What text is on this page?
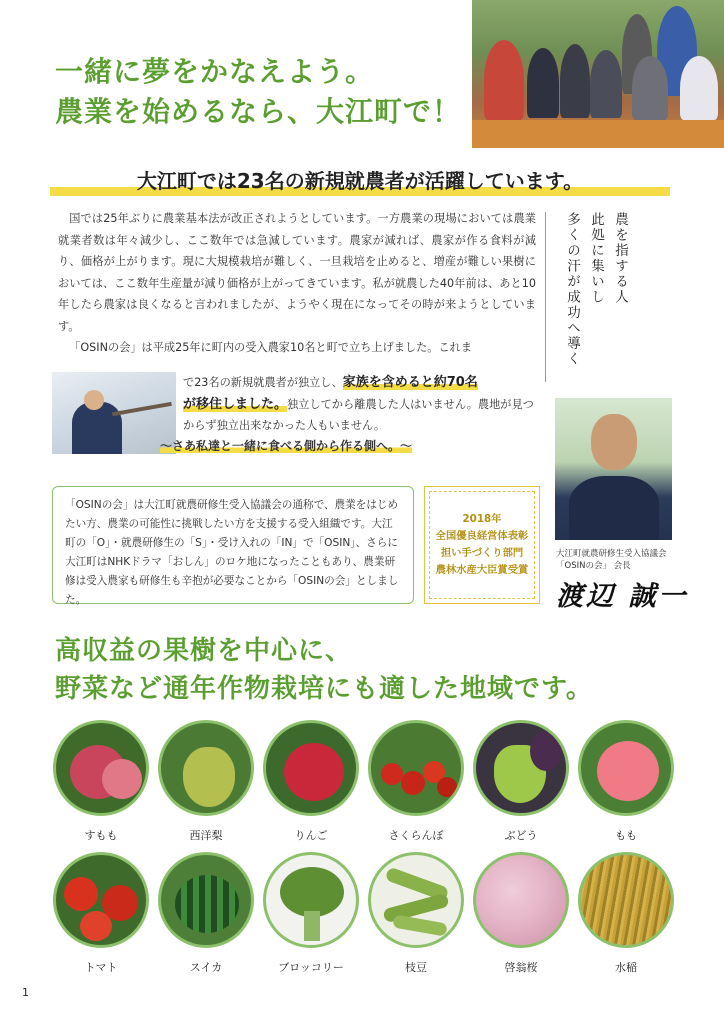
一緒に夢をかなえよう。
農業を始めるなら、大江町で！
大江町では23名の新規就農者が活躍しています。

国では25年ぶりに農業基本法が改正されようとしています。一方農業の現場においては農業就業者数は年々減少し、ここ数年では急減しています。農家が減れば、農家が作る食料が減り、価格が上がります。現に大規模栽培が難しく、一旦栽培を止めると、増産が難しい果樹においては、ここ数年生産量が減り価格が上がってきています。私が就農した40年前は、あと10年したら農家は良くなると言われましたが、ようやく現在になってその時が来ようとしています。

「OSINの会」は平成25年に町内の受入農家10名と町で立ち上げました。これま

農を指する人
此処に集いし
多くの汗が成功へ導く
で23名の新規就農者が独立し、家族を含めると約70名
が移住しました。独立してから離農した人はいません。農地が見つからず独立出来なかった人もいません。
～さあ私達と一緒に食べる側から作る側へ。～
大江町就農研修生受入協議会
「OSINの会」 会長
渡辺 誠一
「OSINの会」は大江町就農研修生受入協議会の通称で、農業をはじめたい方、農業の可能性に挑戦したい方を支援する受入組織です。大江町の「O」・就農研修生の「S」・受け入れの「IN」で「OSIN」、さらに大江町はNHKドラマ「おしん」のロケ地になったこともあり、農業研修は受入農家も研修生も辛抱が必要なことから「OSINの会」としました。
2018年
全国優良経営体表彰
担い手づくり部門
農林水産大臣賞受賞
高収益の果樹を中心に、
野菜など通年作物栽培にも適した地域です。
すもも	西洋梨	りんご	さくらんぼ	ぶどう	もも
トマト	スイカ	ブロッコリー	枝豆	啓翁桜	水稲
1
